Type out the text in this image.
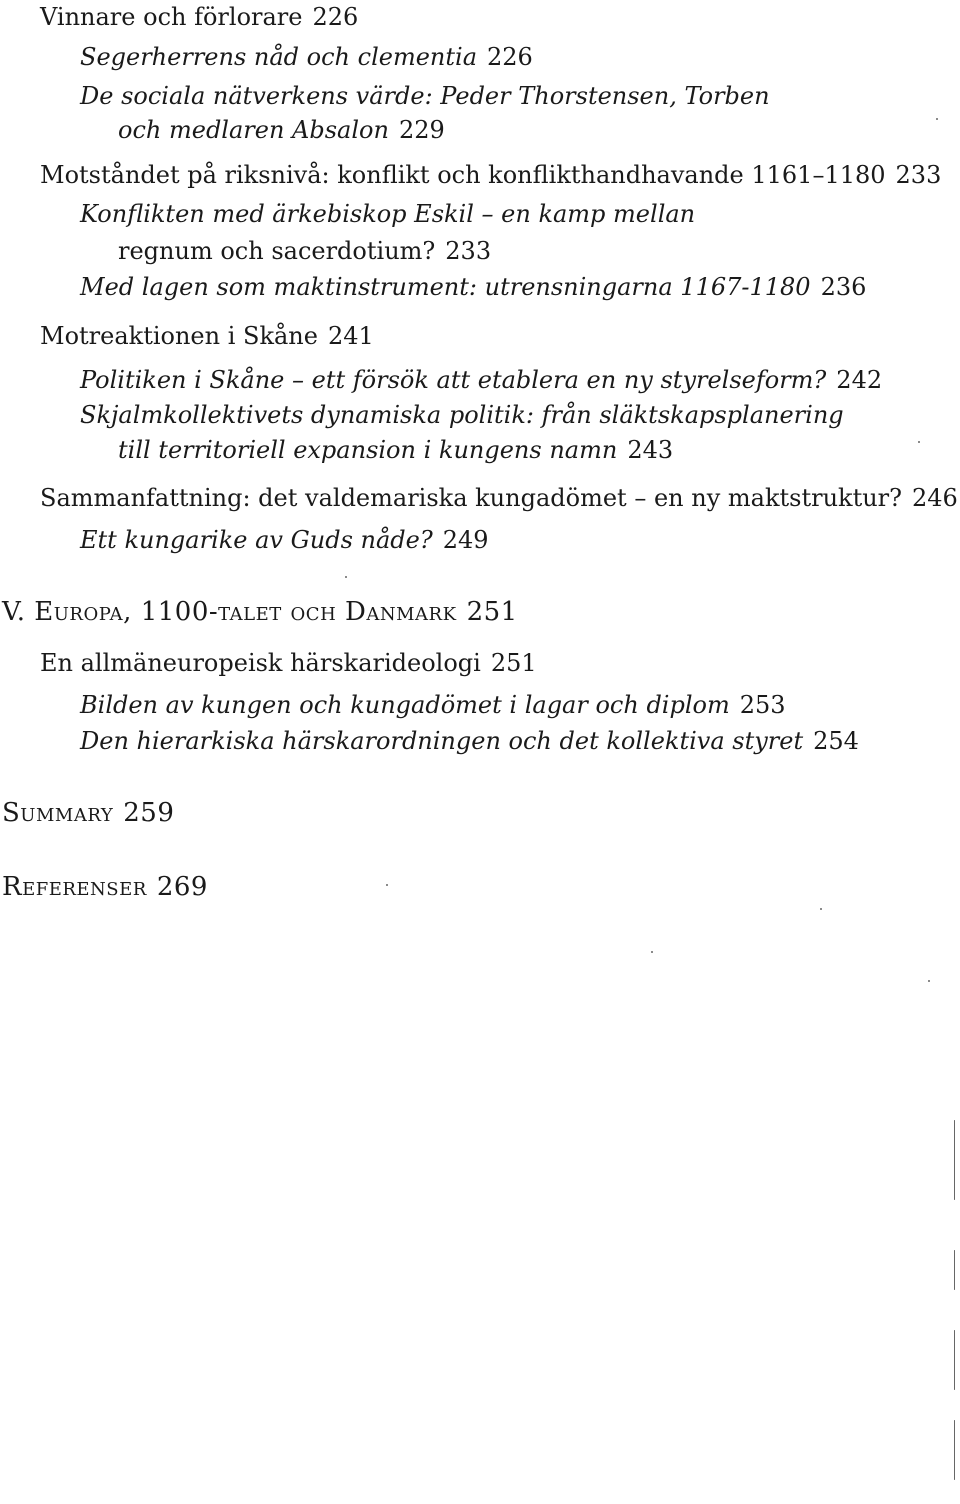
Vinnare och förlorare 226
Segerherrens nåd och clementia 226
De sociala nätverkens värde: Peder Thorstensen, Torben
och medlaren Absalon 229
Motståndet på riksnivå: konflikt och konflikthandhavande 1161–1180 233
Konflikten med ärkebiskop Eskil – en kamp mellan
regnum och sacerdotium? 233
Med lagen som maktinstrument: utrensningarna 1167-1180 236
Motreaktionen i Skåne 241
Politiken i Skåne – ett försök att etablera en ny styrelseform? 242
Skjalmkollektivets dynamiska politik: från släktskapsplanering
till territoriell expansion i kungens namn 243
Sammanfattning: det valdemariska kungadömet – en ny maktstruktur? 246
Ett kungarike av Guds nåde? 249
V. Europa, 1100-talet och Danmark 251
En allmäneuropeisk härskarideologi 251
Bilden av kungen och kungadömet i lagar och diplom 253
Den hierarkiska härskarordningen och det kollektiva styret 254
Summary 259
Referenser 269
